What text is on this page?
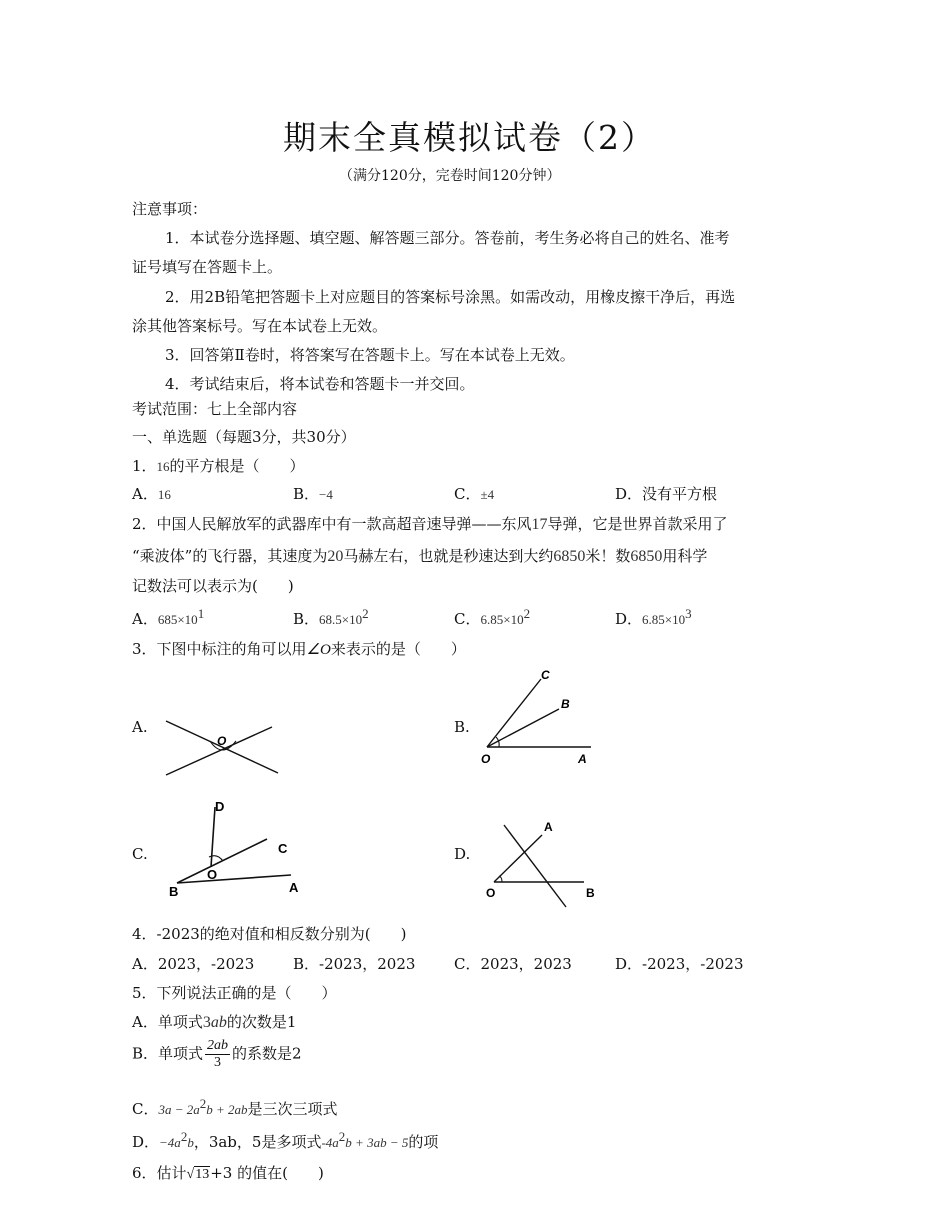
期末全真模拟试卷（2）
（满分120分，完卷时间120分钟）
注意事项：
1．本试卷分选择题、填空题、解答题三部分。答卷前，考生务必将自己的姓名、准考
证号填写在答题卡上。
2．用2B铅笔把答题卡上对应题目的答案标号涂黑。如需改动，用橡皮擦干净后，再选
涂其他答案标号。写在本试卷上无效。
3．回答第Ⅱ卷时，将答案写在答题卡上。写在本试卷上无效。
4．考试结束后，将本试卷和答题卡一并交回。
考试范围：七上全部内容
一、单选题（每题3分，共30分）
1．16的平方根是（　　）
A．16	B．−4	C．±4	D．没有平方根
2．中国人民解放军的武器库中有一款高超音速导弹——东风17导弹，它是世界首款采用了
“乘波体”的飞行器，其速度为20马赫左右，也就是秒速达到大约6850米！数6850用科学
记数法可以表示为(　　)
A．$685\times 10^1$	B．$68.5\times 10^2$	C．$6.85\times 10^2$	D．$6.85\times 10^3$
3．下图中标注的角可以用∠O来表示的是（　　）
A.
O
B.
C
B
O	A
C.
D
C
B
O
A
D.
A
O	B
4．-2023的绝对值和相反数分别为(　　)
A．2023，-2023	B．-2023，2023	C．2023，2023	D．-2023，-2023
5．下列说法正确的是（　　）
A．单项式3ab的次数是1
B．单项式 $\frac{2ab}{3}$ 的系数是2
C．$3a - 2a^2b + 2ab$是三次三项式
D．$-4a^2b$，3ab，5是多项式$-4a^2b + 3ab - 5$的项
6．估计√13+3 的值在(　　)
